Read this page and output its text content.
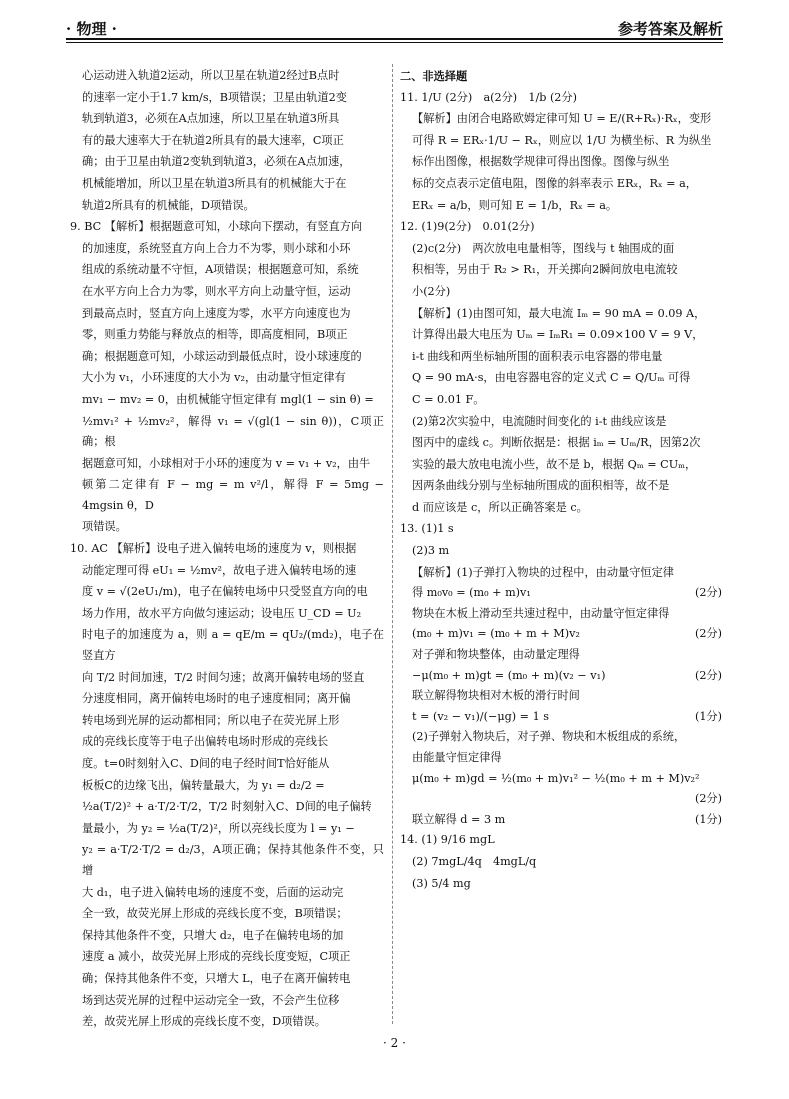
· 物理 ·	参考答案及解析

心运动进入轨道2运动，所以卫星在轨道2经过B点时

的速率一定小于1.7 km/s，B项错误；卫星由轨道2变

轨到轨道3，必须在A点加速，所以卫星在轨道3所具

有的最大速率大于在轨道2所具有的最大速率，C项正

确；由于卫星由轨道2变轨到轨道3，必须在A点加速，

机械能增加，所以卫星在轨道3所具有的机械能大于在

轨道2所具有的机械能，D项错误。

9. BC 【解析】根据题意可知，小球向下摆动，有竖直方向

的加速度，系统竖直方向上合力不为零，则小球和小环

组成的系统动量不守恒，A项错误；根据题意可知，系统

在水平方向上合力为零，则水平方向上动量守恒，运动

到最高点时，竖直方向上速度为零，水平方向速度也为

零，则重力势能与释放点的相等，即高度相同，B项正

确；根据题意可知，小球运动到最低点时，设小球速度的

大小为 v₁，小环速度的大小为 v₂，由动量守恒定律有

mv₁ − mv₂ = 0，由机械能守恒定律有 mgl(1 − sin θ) =

½mv₁² + ½mv₂²，解得 v₁ = √(gl(1 − sin θ))，C项正确；根

据题意可知，小球相对于小环的速度为 v = v₁ + v₂，由牛

顿第二定律有 F − mg = m v²/l，解得 F = 5mg − 4mgsin θ，D

项错误。

10. AC 【解析】设电子进入偏转电场的速度为 v，则根据

动能定理可得 eU₁ = ½mv²，故电子进入偏转电场的速

度 v = √(2eU₁/m)，电子在偏转电场中只受竖直方向的电

场力作用，故水平方向做匀速运动；设电压 U_CD = U₂

时电子的加速度为 a，则 a = qE/m = qU₂/(md₂)，电子在竖直方

向 T/2 时间加速，T/2 时间匀速；故离开偏转电场的竖直

分速度相同，离开偏转电场时的电子速度相同；离开偏

转电场到光屏的运动都相同；所以电子在荧光屏上形

成的亮线长度等于电子出偏转电场时形成的亮线长

度。t=0时刻射入C、D间的电子经时间T恰好能从

板板C的边缘飞出，偏转量最大，为 y₁ = d₂/2 =

½a(T/2)² + a·T/2·T/2，T/2 时刻射入C、D间的电子偏转

量最小，为 y₂ = ½a(T/2)²，所以亮线长度为 l = y₁ −

y₂ = a·T/2·T/2 = d₂/3，A项正确；保持其他条件不变，只增

大 d₁，电子进入偏转电场的速度不变，后面的运动完

全一致，故荧光屏上形成的亮线长度不变，B项错误；

保持其他条件不变，只增大 d₂，电子在偏转电场的加

速度 a 减小，故荧光屏上形成的亮线长度变短，C项正

确；保持其他条件不变，只增大 L，电子在离开偏转电

场到达荧光屏的过程中运动完全一致，不会产生位移

差，故荧光屏上形成的亮线长度不变，D项错误。

二、非选择题

11. 1/U (2分)　a(2分)　1/b (2分)

【解析】由闭合电路欧姆定律可知 U = E/(R+Rₓ)·Rₓ，变形

可得 R = ERₓ·1/U − Rₓ，则应以 1/U 为横坐标、R 为纵坐

标作出图像，根据数学规律可得出图像。图像与纵坐

标的交点表示定值电阻，图像的斜率表示 ERₓ，Rₓ = a，

ERₓ = a/b，则可知 E = 1/b，Rₓ = a。

12. (1)9(2分)　0.01(2分)

(2)c(2分)　两次放电电量相等，图线与 t 轴围成的面

积相等，另由于 R₂ > R₁，开关掷向2瞬间放电电流较

小(2分)

【解析】(1)由图可知，最大电流 Iₘ = 90 mA = 0.09 A，

计算得出最大电压为 Uₘ = IₘR₁ = 0.09×100 V = 9 V，

i-t 曲线和两坐标轴所围的面积表示电容器的带电量

Q = 90 mA·s，由电容器电容的定义式 C = Q/Uₘ 可得

C = 0.01 F。

(2)第2次实验中，电流随时间变化的 i-t 曲线应该是

图丙中的虚线 c。判断依据是：根据 iₘ = Uₘ/R，因第2次

实验的最大放电电流小些，故不是 b，根据 Qₘ = CUₘ，

因两条曲线分别与坐标轴所围成的面积相等，故不是

d 而应该是 c，所以正确答案是 c。

13. (1)1 s

(2)3 m

【解析】(1)子弹打入物块的过程中，由动量守恒定律
得 m₀v₀ = (m₀ + m)v₁	(2分)
物块在木板上滑动至共速过程中，由动量守恒定律得
(m₀ + m)v₁ = (m₀ + m + M)v₂	(2分)
对子弹和物块整体，由动量定理得
−μ(m₀ + m)gt = (m₀ + m)(v₂ − v₁)	(2分)
联立解得物块相对木板的滑行时间
t = (v₂ − v₁)/(−μg) = 1 s	(1分)
(2)子弹射入物块后，对子弹、物块和木板组成的系统，
由能量守恒定律得
μ(m₀ + m)gd = ½(m₀ + m)v₁² − ½(m₀ + m + M)v₂²
(2分)
联立解得 d = 3 m	(1分)

14. (1) 9/16 mgL

(2) 7mgL/4q　4mgL/q

(3) 5/4 mg

· 2 ·
